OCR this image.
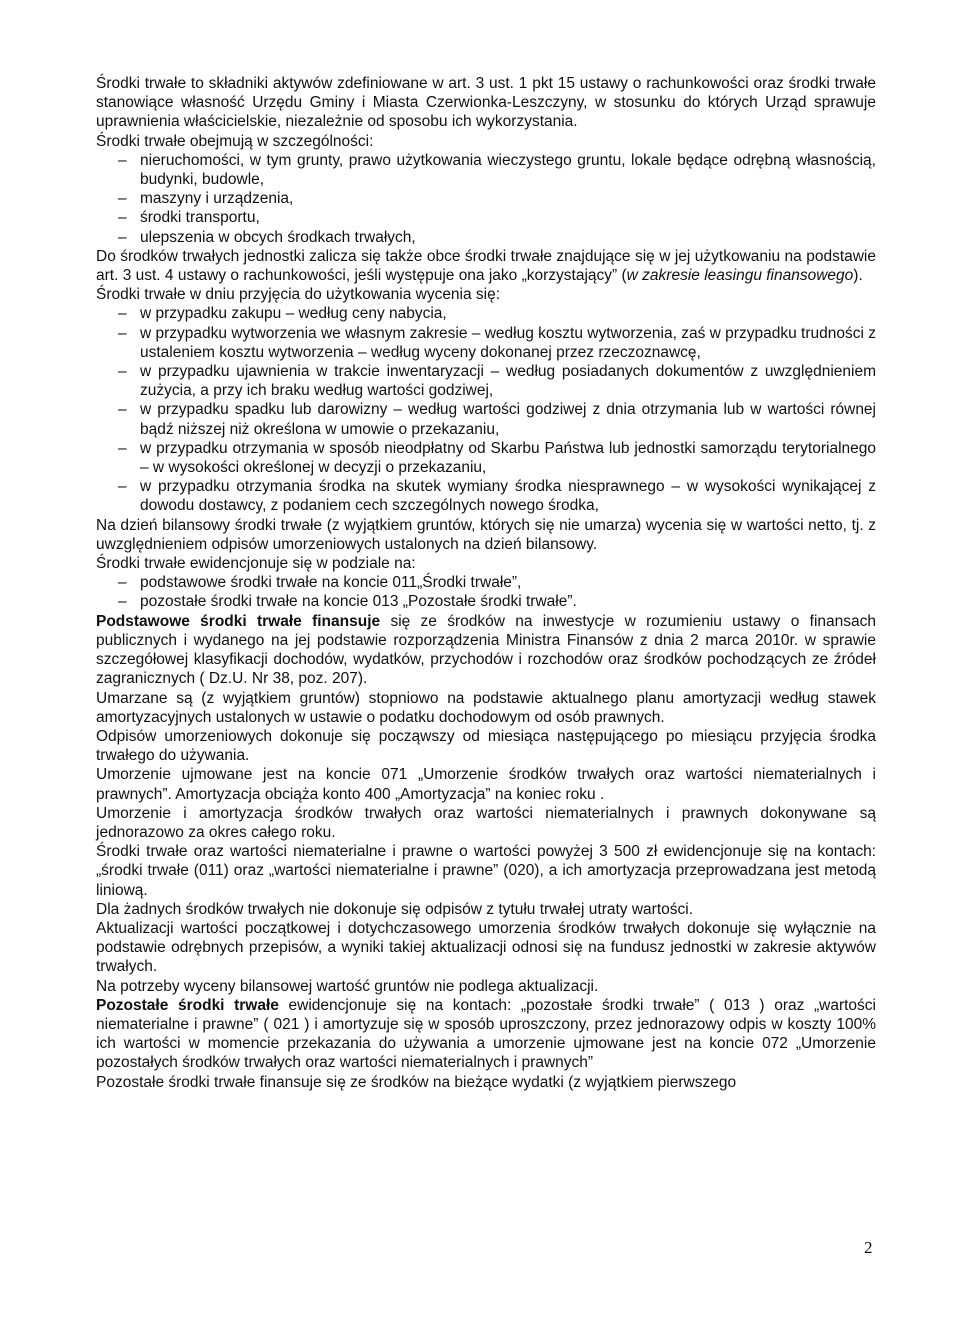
Środki trwałe to składniki aktywów zdefiniowane w art. 3 ust. 1 pkt 15 ustawy o rachunkowości oraz środki trwałe stanowiące własność Urzędu Gminy i Miasta Czerwionka-Leszczyny, w stosunku do których Urząd sprawuje uprawnienia właścicielskie, niezależnie od sposobu ich wykorzystania.

Środki trwałe obejmują w szczególności:

– nieruchomości, w tym grunty, prawo użytkowania wieczystego gruntu, lokale będące odrębną własnością, budynki, budowle,
– maszyny i urządzenia,
– środki transportu,
– ulepszenia w obcych środkach trwałych,

Do środków trwałych jednostki zalicza się także obce środki trwałe znajdujące się w jej użytkowaniu na podstawie art. 3 ust. 4 ustawy o rachunkowości, jeśli występuje ona jako „korzystający” (w zakresie leasingu finansowego).

Środki trwałe w dniu przyjęcia do użytkowania wycenia się:

– w przypadku zakupu – według ceny nabycia,
– w przypadku wytworzenia we własnym zakresie – według kosztu wytworzenia, zaś w przypadku trudności z ustaleniem kosztu wytworzenia – według wyceny dokonanej przez rzeczoznawcę,
– w przypadku ujawnienia w trakcie inwentaryzacji – według posiadanych dokumentów z uwzględnieniem zużycia, a przy ich braku według wartości godziwej,
– w przypadku spadku lub darowizny – według wartości godziwej z dnia otrzymania lub w wartości równej bądź niższej niż określona w umowie o przekazaniu,
– w przypadku otrzymania w sposób nieodpłatny od Skarbu Państwa lub jednostki samorządu terytorialnego – w wysokości określonej w decyzji o przekazaniu,
– w przypadku otrzymania środka na skutek wymiany środka niesprawnego – w wysokości wynikającej z dowodu dostawcy, z podaniem cech szczególnych nowego środka,

Na dzień bilansowy środki trwałe (z wyjątkiem gruntów, których się nie umarza) wycenia się w wartości netto, tj. z uwzględnieniem odpisów umorzeniowych ustalonych na dzień bilansowy.

Środki trwałe ewidencjonuje się w podziale na:

– podstawowe środki trwałe na koncie 011„Środki trwałe”,
– pozostałe środki trwałe na koncie 013 „Pozostałe środki trwałe”.

Podstawowe środki trwałe finansuje się ze środków na inwestycje w rozumieniu ustawy o finansach publicznych i wydanego na jej podstawie rozporządzenia Ministra Finansów z dnia 2 marca 2010r. w sprawie szczegółowej klasyfikacji dochodów, wydatków, przychodów i rozchodów oraz środków pochodzących ze źródeł zagranicznych ( Dz.U. Nr 38, poz. 207).

Umarzane są (z wyjątkiem gruntów) stopniowo na podstawie aktualnego planu amortyzacji według stawek amortyzacyjnych ustalonych w ustawie o podatku dochodowym od osób prawnych.

Odpisów umorzeniowych dokonuje się począwszy od miesiąca następującego po miesiącu przyjęcia środka trwałego do używania.

Umorzenie ujmowane jest na koncie 071 „Umorzenie środków trwałych oraz wartości niematerialnych i prawnych”. Amortyzacja obciąża konto 400 „Amortyzacja” na koniec roku .

Umorzenie i amortyzacja środków trwałych oraz wartości niematerialnych i prawnych dokonywane są jednorazowo za okres całego roku.

Środki trwałe oraz wartości niematerialne i prawne o wartości powyżej 3 500 zł ewidencjonuje się na kontach: „środki trwałe (011) oraz „wartości niematerialne i prawne” (020), a ich amortyzacja przeprowadzana jest metodą liniową.

Dla żadnych środków trwałych nie dokonuje się odpisów z tytułu trwałej utraty wartości.

Aktualizacji wartości początkowej i dotychczasowego umorzenia środków trwałych dokonuje się wyłącznie na podstawie odrębnych przepisów, a wyniki takiej aktualizacji odnosi się na fundusz jednostki w zakresie aktywów trwałych.

Na potrzeby wyceny bilansowej wartość gruntów nie podlega aktualizacji.

Pozostałe środki trwałe ewidencjonuje się na kontach: „pozostałe środki trwałe” ( 013 ) oraz „wartości niematerialne i prawne” ( 021 ) i amortyzuje się w sposób uproszczony, przez jednorazowy odpis w koszty 100% ich wartości w momencie przekazania do używania a umorzenie ujmowane jest na koncie 072 „Umorzenie pozostałych środków trwałych oraz wartości niematerialnych i prawnych”

Pozostałe środki trwałe finansuje się ze środków na bieżące wydatki (z wyjątkiem pierwszego

2
